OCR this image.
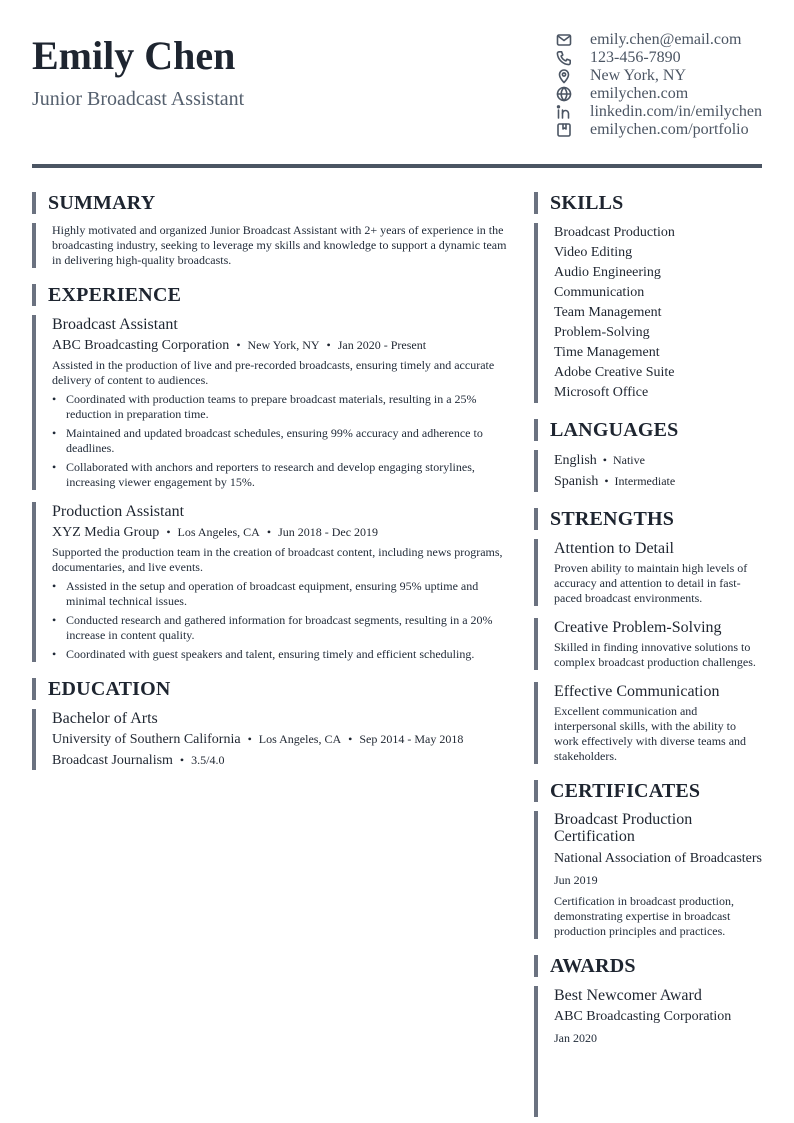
Emily Chen
Junior Broadcast Assistant
emily.chen@email.com
123-456-7890
New York, NY
emilychen.com
linkedin.com/in/emilychen
emilychen.com/portfolio
SUMMARY
Highly motivated and organized Junior Broadcast Assistant with 2+ years of experience in the broadcasting industry, seeking to leverage my skills and knowledge to support a dynamic team in delivering high-quality broadcasts.
EXPERIENCE
Broadcast Assistant
ABC Broadcasting Corporation • New York, NY • Jan 2020 - Present
Assisted in the production of live and pre-recorded broadcasts, ensuring timely and accurate delivery of content to audiences.
• Coordinated with production teams to prepare broadcast materials, resulting in a 25% reduction in preparation time.
• Maintained and updated broadcast schedules, ensuring 99% accuracy and adherence to deadlines.
• Collaborated with anchors and reporters to research and develop engaging storylines, increasing viewer engagement by 15%.
Production Assistant
XYZ Media Group • Los Angeles, CA • Jun 2018 - Dec 2019
Supported the production team in the creation of broadcast content, including news programs, documentaries, and live events.
• Assisted in the setup and operation of broadcast equipment, ensuring 95% uptime and minimal technical issues.
• Conducted research and gathered information for broadcast segments, resulting in a 20% increase in content quality.
• Coordinated with guest speakers and talent, ensuring timely and efficient scheduling.
EDUCATION
Bachelor of Arts
University of Southern California • Los Angeles, CA • Sep 2014 - May 2018
Broadcast Journalism • 3.5/4.0
SKILLS
Broadcast Production
Video Editing
Audio Engineering
Communication
Team Management
Problem-Solving
Time Management
Adobe Creative Suite
Microsoft Office
LANGUAGES
English • Native
Spanish • Intermediate
STRENGTHS
Attention to Detail
Proven ability to maintain high levels of accuracy and attention to detail in fast-paced broadcast environments.
Creative Problem-Solving
Skilled in finding innovative solutions to complex broadcast production challenges.
Effective Communication
Excellent communication and interpersonal skills, with the ability to work effectively with diverse teams and stakeholders.
CERTIFICATES
Broadcast Production Certification
National Association of Broadcasters
Jun 2019
Certification in broadcast production, demonstrating expertise in broadcast production principles and practices.
AWARDS
Best Newcomer Award
ABC Broadcasting Corporation
Jan 2020
